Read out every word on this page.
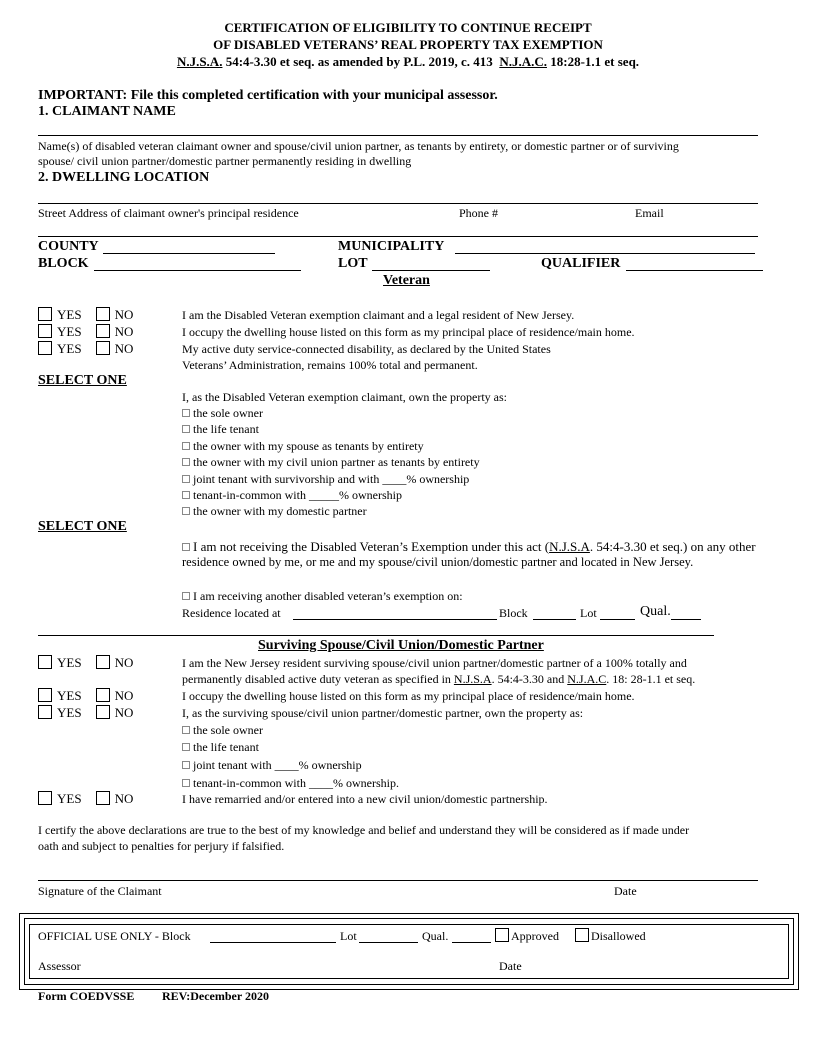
CERTIFICATION OF ELIGIBILITY TO CONTINUE RECEIPT
OF DISABLED VETERANS’ REAL PROPERTY TAX EXEMPTION
N.J.S.A. 54:4-3.30 et seq. as amended by P.L. 2019, c. 413  N.J.A.C. 18:28-1.1 et seq.
IMPORTANT: File this completed certification with your municipal assessor.
1. CLAIMANT NAME
Name(s) of disabled veteran claimant owner and spouse/civil union partner, as tenants by entirety, or domestic partner or of surviving
spouse/ civil union partner/domestic partner permanently residing in dwelling
2. DWELLING LOCATION
Street Address of claimant owner's principal residence	Phone #	Email
COUNTY	MUNICIPALITY
BLOCK	LOT	QUALIFIER
Veteran
YES	NO	I am the Disabled Veteran exemption claimant and a legal resident of New Jersey.
YES	NO	I occupy the dwelling house listed on this form as my principal place of residence/main home.
YES	NO	My active duty service-connected disability, as declared by the United States
Veterans’ Administration, remains 100% total and permanent.
SELECT ONE
I, as the Disabled Veteran exemption claimant, own the property as:
the sole owner
the life tenant
the owner with my spouse as tenants by entirety
the owner with my civil union partner as tenants by entirety
joint tenant with survivorship and with ____% ownership
tenant-in-common with _____% ownership
the owner with my domestic partner
SELECT ONE
I am not receiving the Disabled Veteran’s Exemption under this act (N.J.S.A. 54:4-3.30 et seq.) on any other
residence owned by me, or me and my spouse/civil union/domestic partner and located in New Jersey.
I am receiving another disabled veteran’s exemption on:
Residence located at	Block	Lot	Qual.
Surviving Spouse/Civil Union/Domestic Partner
YES	NO	I am the New Jersey resident surviving spouse/civil union partner/domestic partner of a 100% totally and
permanently disabled active duty veteran as specified in N.J.S.A. 54:4-3.30 and N.J.A.C. 18: 28-1.1 et seq.
YES	NO	I occupy the dwelling house listed on this form as my principal place of residence/main home.
YES	NO	I, as the surviving spouse/civil union partner/domestic partner, own the property as:
the sole owner
the life tenant
joint tenant with ____% ownership
tenant-in-common with ____% ownership.
YES	NO	I have remarried and/or entered into a new civil union/domestic partnership.
I certify the above declarations are true to the best of my knowledge and belief and understand they will be considered as if made under
oath and subject to penalties for perjury if falsified.
Signature of the Claimant	Date
OFFICIAL USE ONLY - Block	Lot	Qual.	Approved	Disallowed
Assessor	Date
Form COEDVSSE REV:December 2020
